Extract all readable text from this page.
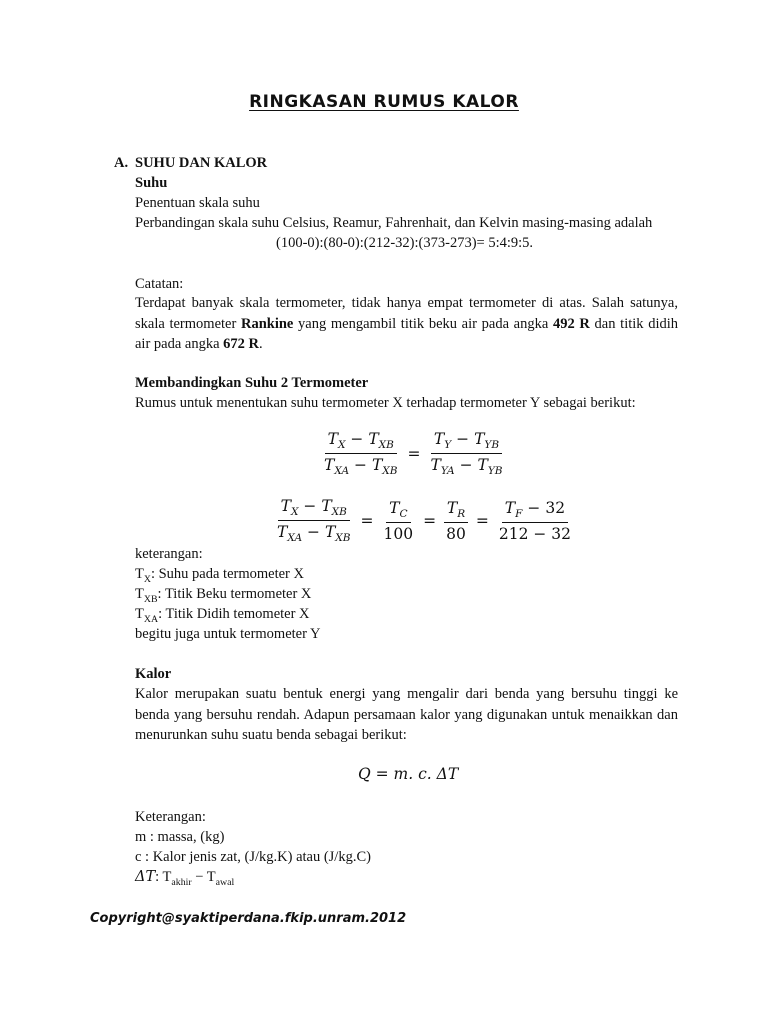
RINGKASAN RUMUS KALOR
A. SUHU DAN KALOR
Suhu
Penentuan skala suhu
Perbandingan skala suhu Celsius, Reamur, Fahrenhait, dan Kelvin masing-masing adalah
(100-0):(80-0):(212-32):(373-273)= 5:4:9:5.
Catatan:
Terdapat banyak skala termometer, tidak hanya empat termometer di atas. Salah satunya, skala termometer Rankine yang mengambil titik beku air pada angka 492 R dan titik didih air pada angka 672 R.
Membandingkan Suhu 2 Termometer
Rumus untuk menentukan suhu termometer X terhadap termometer Y sebagai berikut:
$\frac{T_X - T_{XB}}{T_{XA} - T_{XB}} = \frac{T_Y - T_{YB}}{T_{YA} - T_{YB}}$
$\frac{T_X - T_{XB}}{T_{XA} - T_{XB}} = \frac{T_C}{100} = \frac{T_R}{80} = \frac{T_F - 32}{212 - 32}$
keterangan:
$T_X$: Suhu pada termometer X
$T_{XB}$: Titik Beku termometer X
$T_{XA}$: Titik Didih temometer X
begitu juga untuk termometer Y
Kalor
Kalor merupakan suatu bentuk energi yang mengalir dari benda yang bersuhu tinggi ke benda yang bersuhu rendah. Adapun persamaan kalor yang digunakan untuk menaikkan dan menurunkan suhu suatu benda sebagai berikut:
Q = m. c. ΔT
Keterangan:
m : massa, (kg)
c : Kalor jenis zat, (J/kg.K) atau (J/kg.C)
ΔT: $T_{akhir} - T_{awal}$
Copyright@syaktiperdana.fkip.unram.2012
